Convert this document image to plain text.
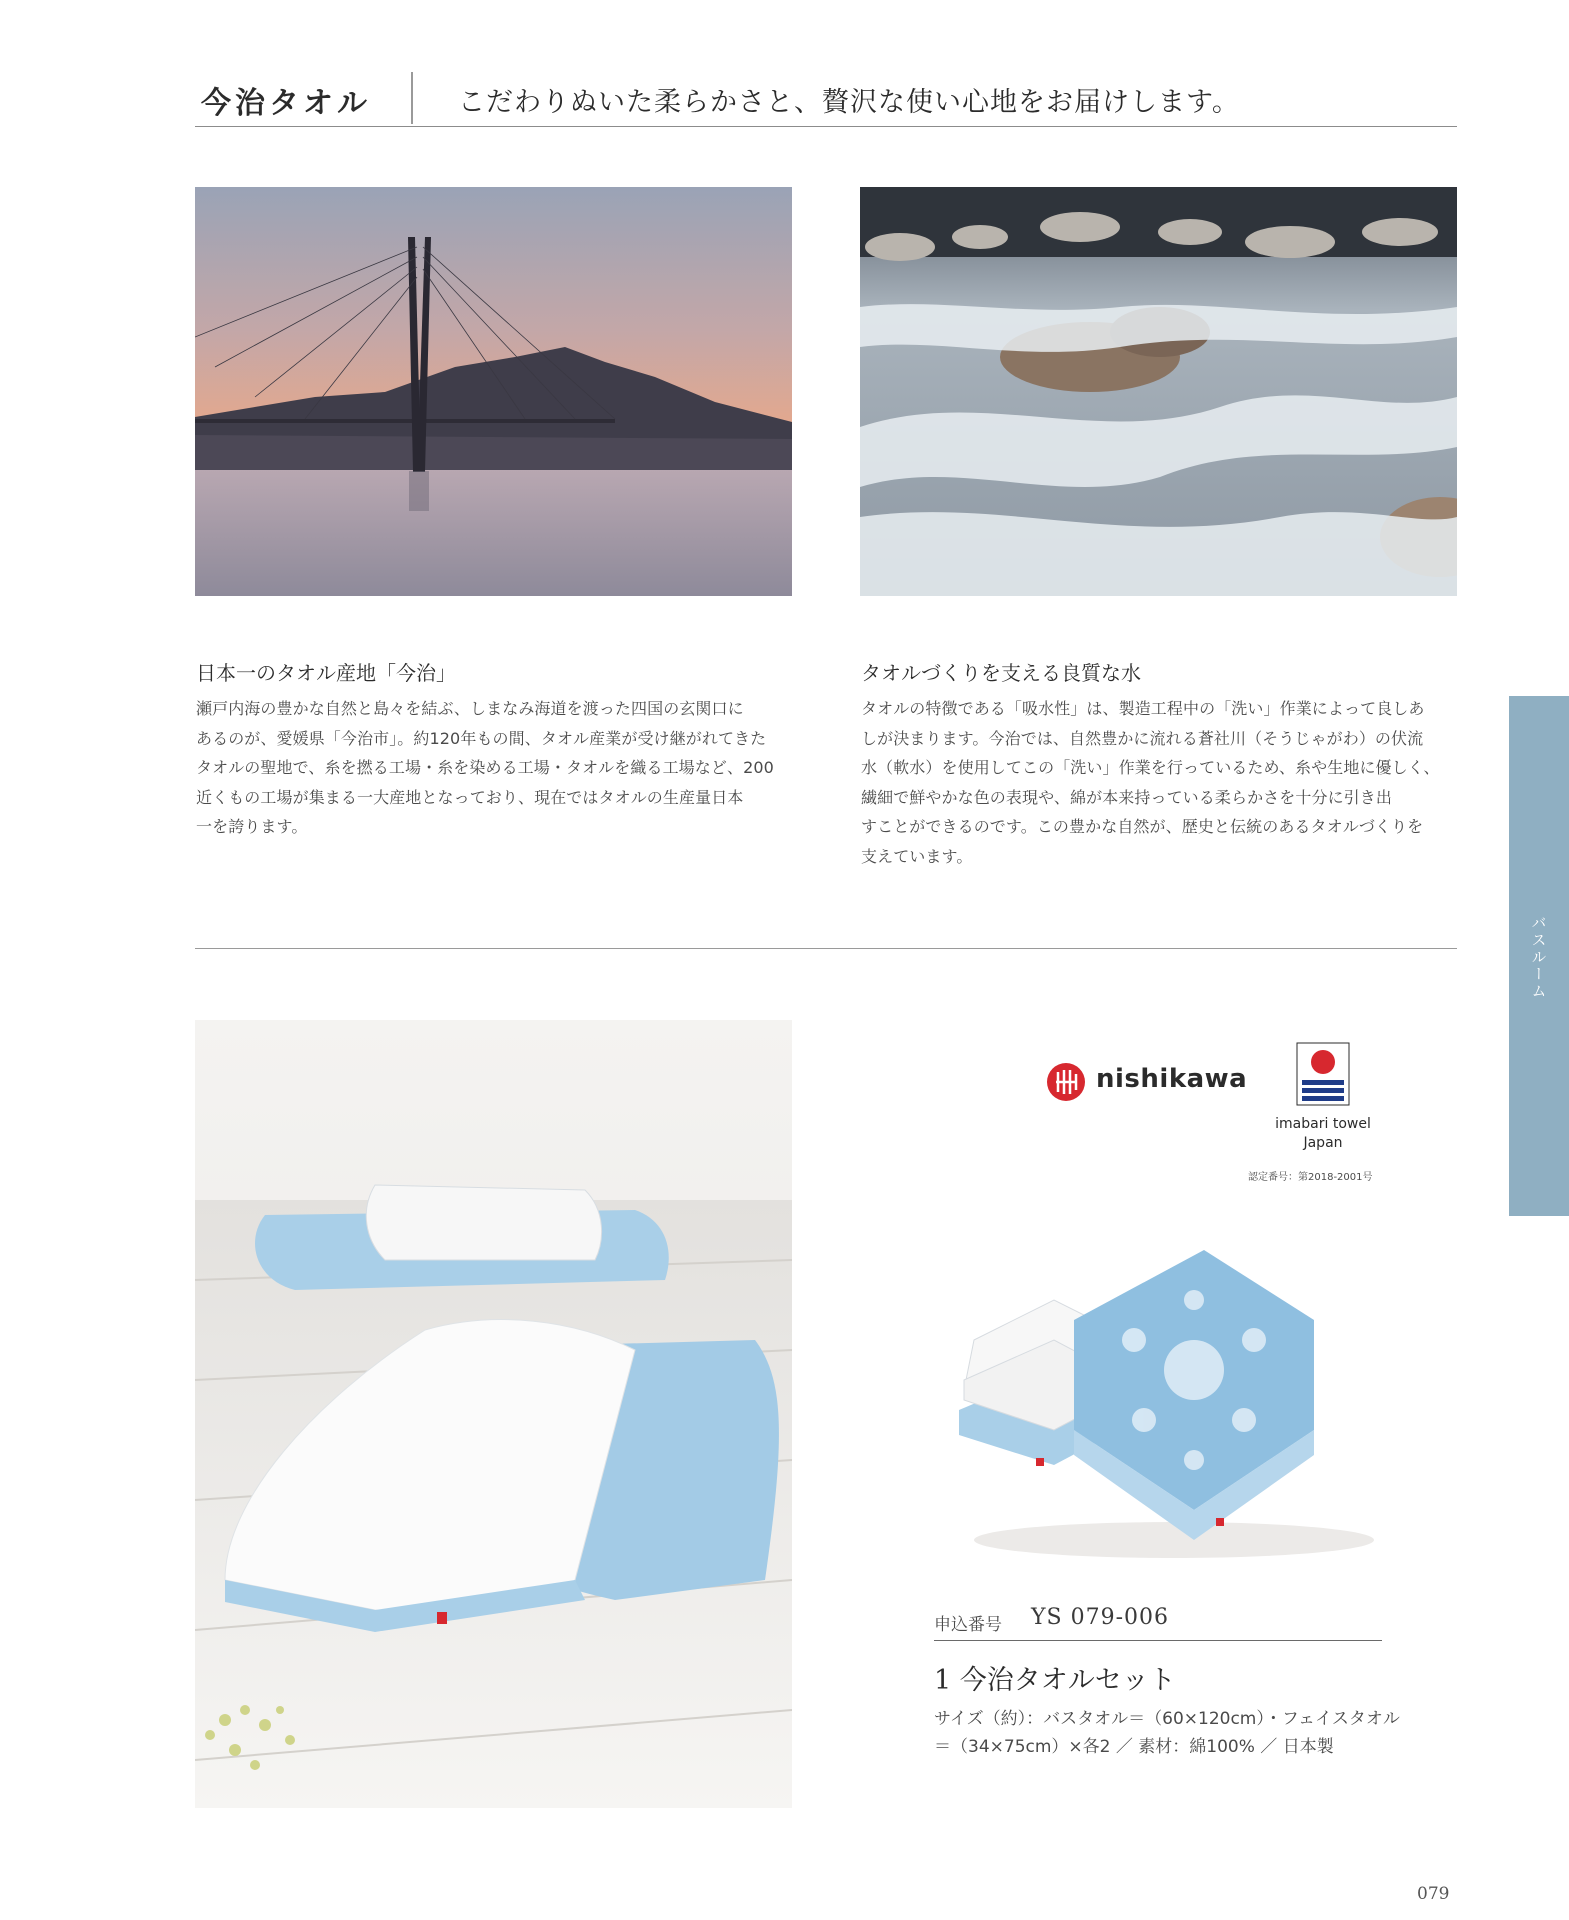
今治タオル	こだわりぬいた柔らかさと、贅沢な使い心地をお届けします。
日本一のタオル産地「今治」
瀬戸内海の豊かな自然と島々を結ぶ、しまなみ海道を渡った四国の玄関口に
あるのが、愛媛県「今治市」。約120年もの間、タオル産業が受け継がれてきた
タオルの聖地で、糸を撚る工場・糸を染める工場・タオルを織る工場など、200
近くもの工場が集まる一大産地となっており、現在ではタオルの生産量日本
一を誇ります。
タオルづくりを支える良質な水
タオルの特徴である「吸水性」は、製造工程中の「洗い」作業によって良しあ
しが決まります。今治では、自然豊かに流れる蒼社川（そうじゃがわ）の伏流
水（軟水）を使用してこの「洗い」作業を行っているため、糸や生地に優しく、
繊細で鮮やかな色の表現や、綿が本来持っている柔らかさを十分に引き出
すことができるのです。この豊かな自然が、歴史と伝統のあるタオルづくりを
支えています。
バスルーム
nishikawa
imabari towel
Japan
認定番号：第2018-2001号
申込番号 YS 079-006
1 今治タオルセット
サイズ（約）：バスタオル＝（60×120cm）・フェイスタオル
＝（34×75cm）×各2 ／ 素材：綿100% ／ 日本製
079
